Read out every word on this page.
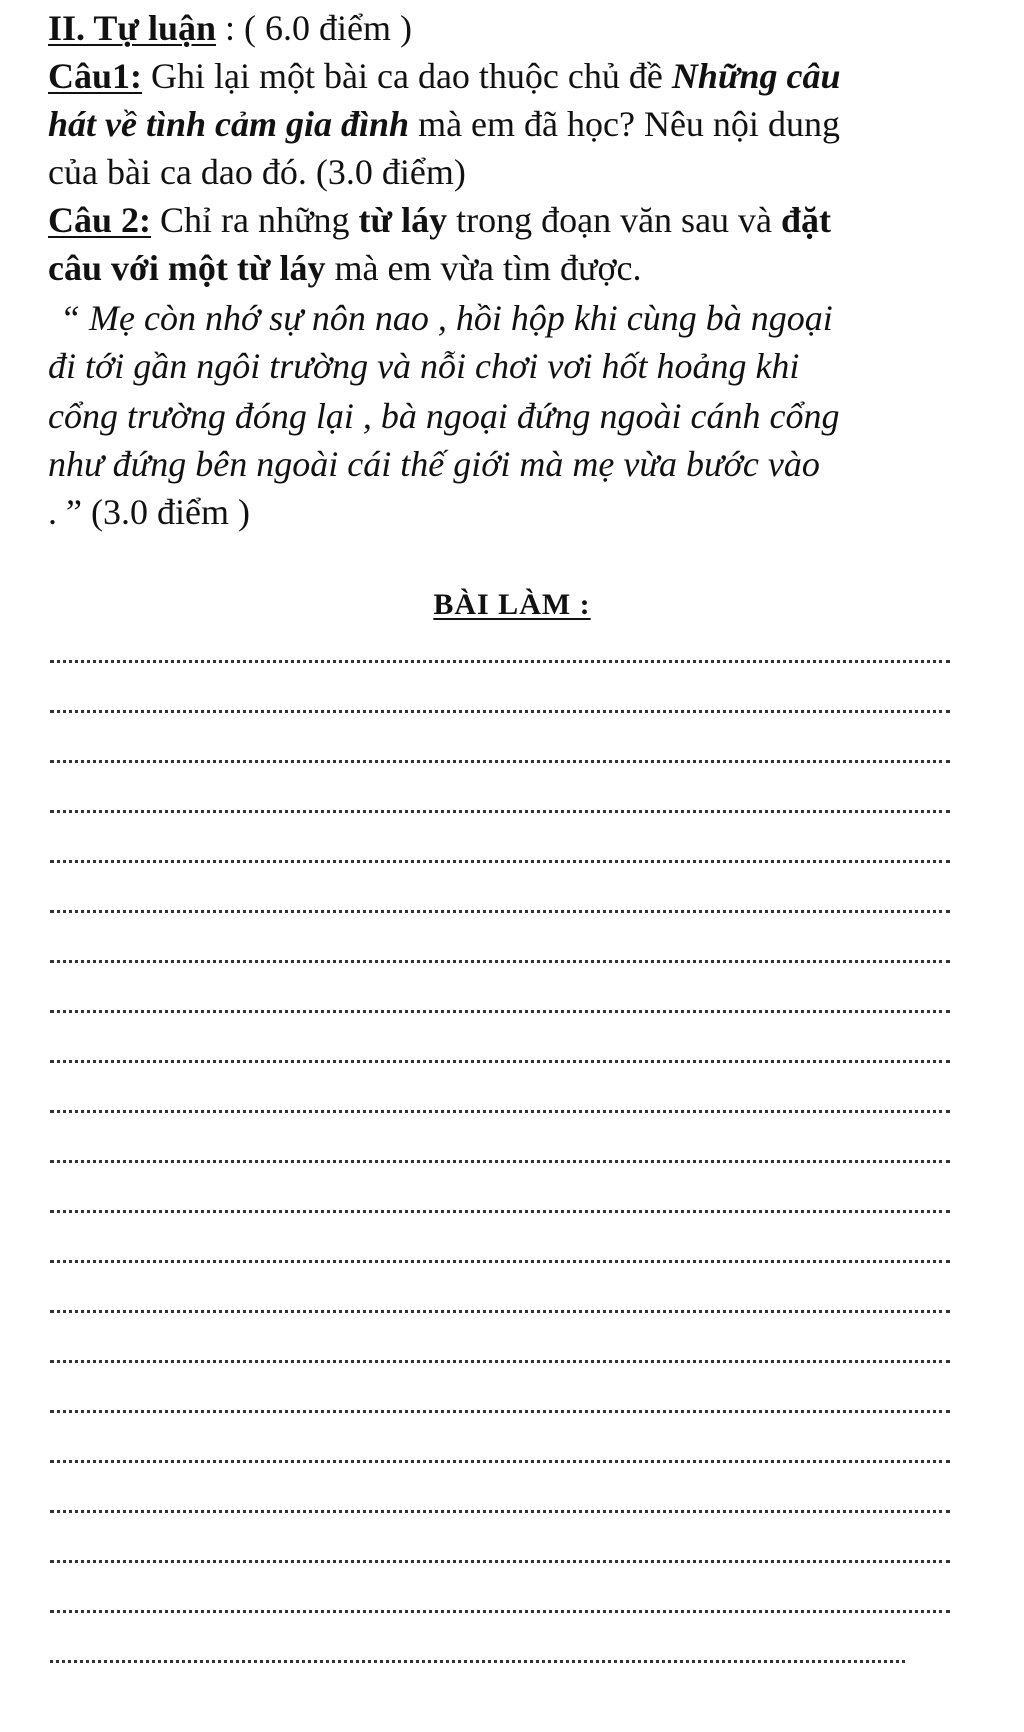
II. Tự luận : ( 6.0 điểm )
Câu1: Ghi lại một bài ca dao thuộc chủ đề Những câu
hát về tình cảm gia đình mà em đã học? Nêu nội dung
của bài ca dao đó. (3.0 điểm)
Câu 2: Chỉ ra những từ láy trong đoạn văn sau và đặt
câu với một từ láy mà em vừa tìm được.
“ Mẹ còn nhớ sự nôn nao , hồi hộp khi cùng bà ngoại
đi tới gần ngôi trường và nỗi chơi vơi hốt hoảng khi
cổng trường đóng lại , bà ngoại đứng ngoài cánh cổng
như đứng bên ngoài cái thế giới mà mẹ vừa bước vào
. ” (3.0 điểm )
BÀI LÀM :
